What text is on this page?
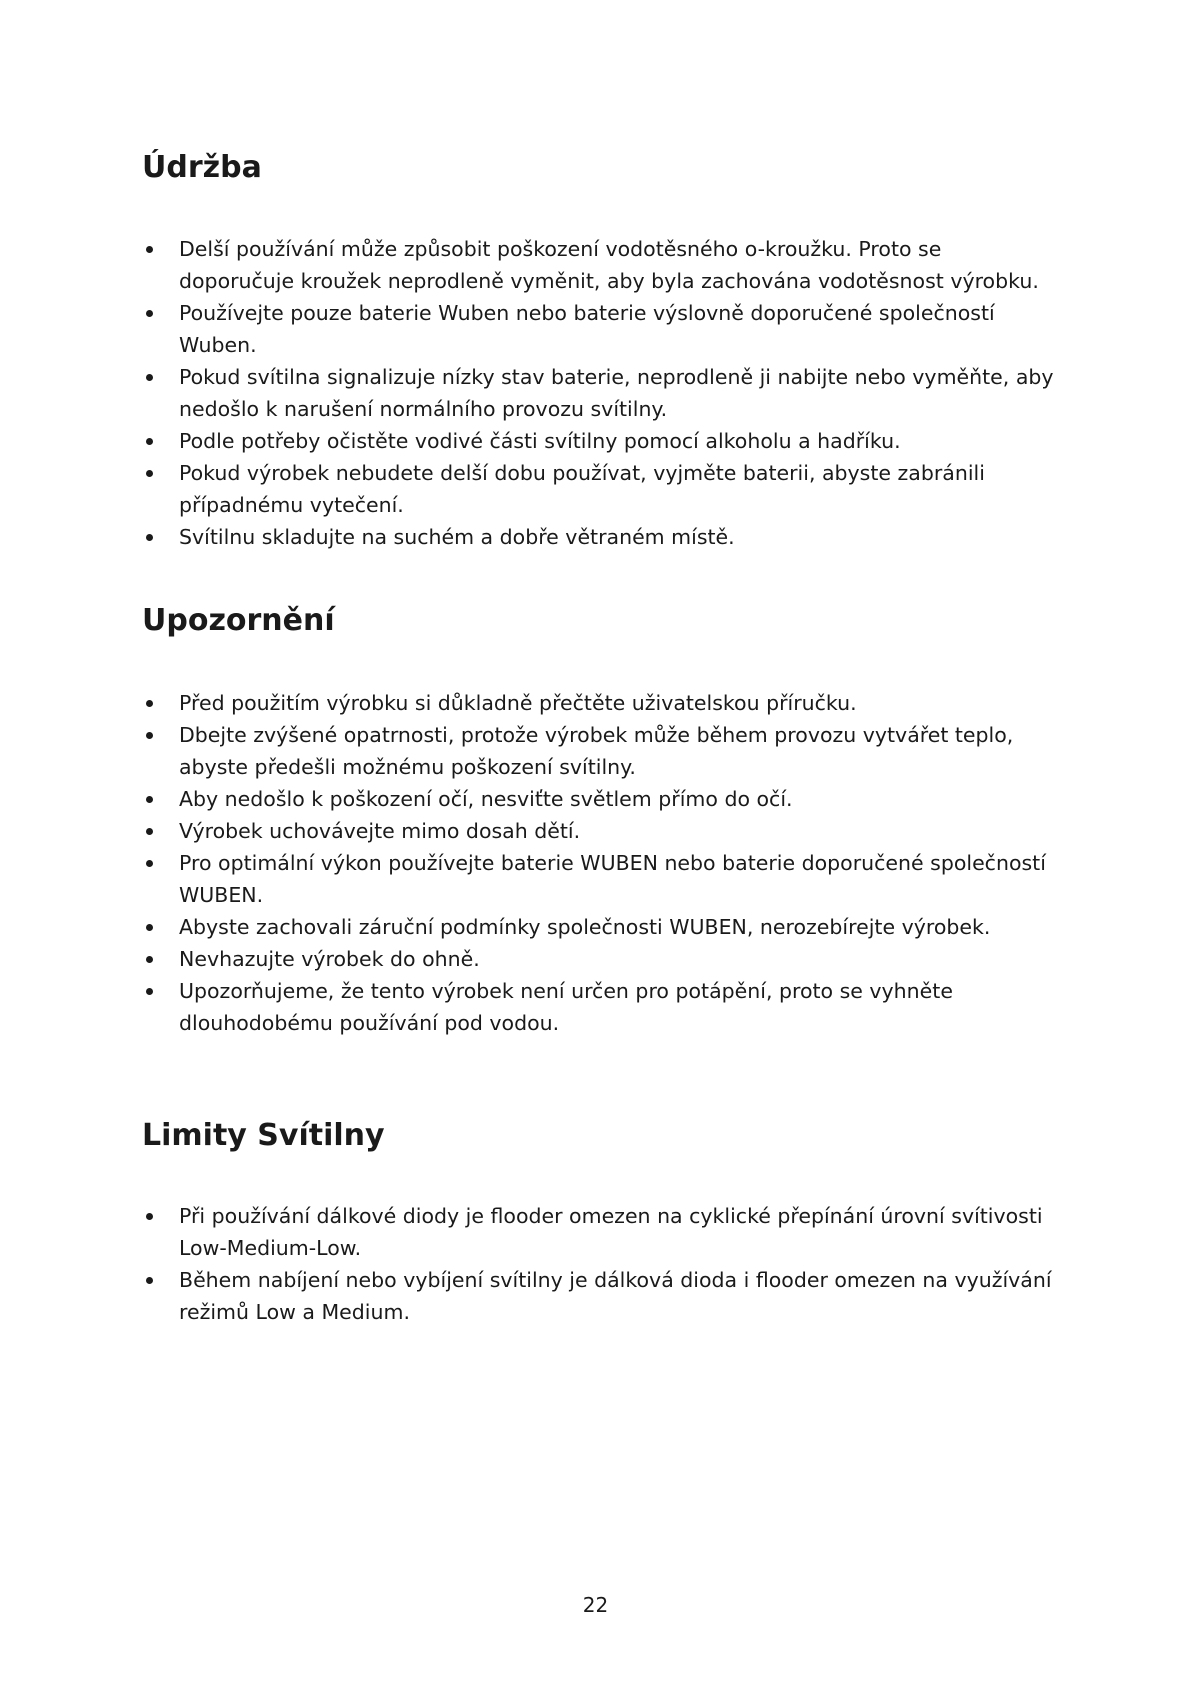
Údržba
Delší používání může způsobit poškození vodotěsného o-kroužku. Proto se doporučuje kroužek neprodleně vyměnit, aby byla zachována vodotěsnost výrobku.
Používejte pouze baterie Wuben nebo baterie výslovně doporučené společností Wuben.
Pokud svítilna signalizuje nízky stav baterie, neprodleně ji nabijte nebo vyměňte, aby nedošlo k narušení normálního provozu svítilny.
Podle potřeby očistěte vodivé části svítilny pomocí alkoholu a hadříku.
Pokud výrobek nebudete delší dobu používat, vyjměte baterii, abyste zabránili případnému vytečení.
Svítilnu skladujte na suchém a dobře větraném místě.
Upozornění
Před použitím výrobku si důkladně přečtěte uživatelskou příručku.
Dbejte zvýšené opatrnosti, protože výrobek může během provozu vytvářet teplo, abyste předešli možnému poškození svítilny.
Aby nedošlo k poškození očí, nesviťte světlem přímo do očí.
Výrobek uchovávejte mimo dosah dětí.
Pro optimální výkon používejte baterie WUBEN nebo baterie doporučené společností WUBEN.
Abyste zachovali záruční podmínky společnosti WUBEN, nerozebírejte výrobek.
Nevhazujte výrobek do ohně.
Upozorňujeme, že tento výrobek není určen pro potápění, proto se vyhněte dlouhodobému používání pod vodou.
Limity Svítilny
Při používání dálkové diody je flooder omezen na cyklické přepínání úrovní svítivosti Low-Medium-Low.
Během nabíjení nebo vybíjení svítilny je dálková dioda i flooder omezen na využívání režimů Low a Medium.
22
